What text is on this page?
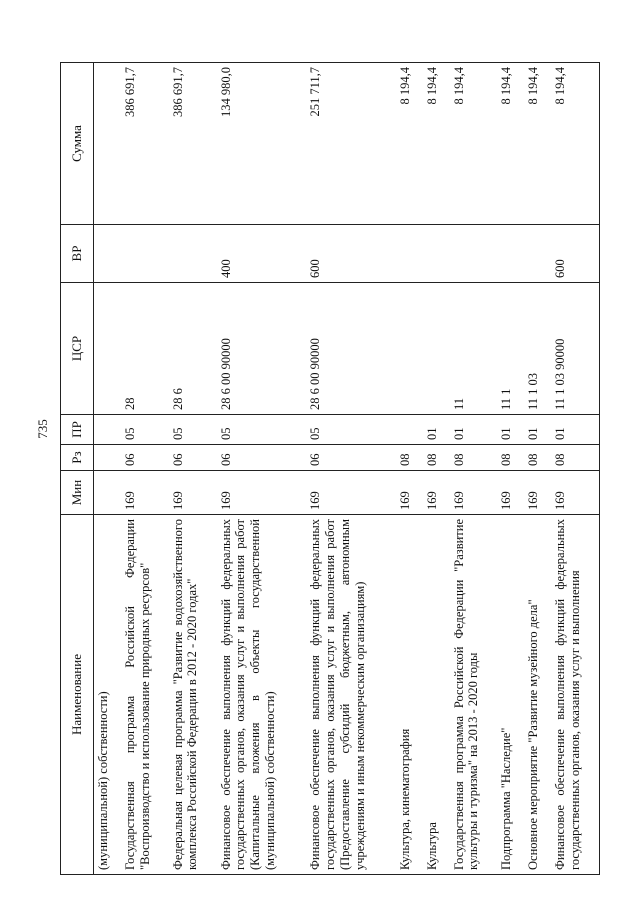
735
Наименование	Мин	Рз	ПР	ЦСР	ВР	Сумма
(муниципальной) собственности)						
Государственная программа Российской Федерации "Воспроизводство и использование природных ресурсов"	169	06	05	28		386 691,7
Федеральная целевая программа "Развитие водохозяйственного комплекса Российской Федерации в 2012 - 2020 годах"	169	06	05	28 6		386 691,7
Финансовое обеспечение выполнения функций федеральных государственных органов, оказания услуг и выполнения работ (Капитальные вложения в объекты государственной (муниципальной) собственности)	169	06	05	28 6 00 90000	400	134 980,0
Финансовое обеспечение выполнения функций федеральных государственных органов, оказания услуг и выполнения работ (Предоставление субсидий бюджетным, автономным учреждениям и иным некоммерческим организациям)	169	06	05	28 6 00 90000	600	251 711,7
Культура, кинематография	169	08				8 194,4
Культура	169	08	01			8 194,4
Государственная программа Российской Федерации "Развитие культуры и туризма" на 2013 - 2020 годы	169	08	01	11		8 194,4
Подпрограмма "Наследие"	169	08	01	11 1		8 194,4
Основное мероприятие "Развитие музейного дела"	169	08	01	11 1 03		8 194,4
Финансовое обеспечение выполнения функций федеральных государственных органов, оказания услуг и выполнения	169	08	01	11 1 03 90000	600	8 194,4
